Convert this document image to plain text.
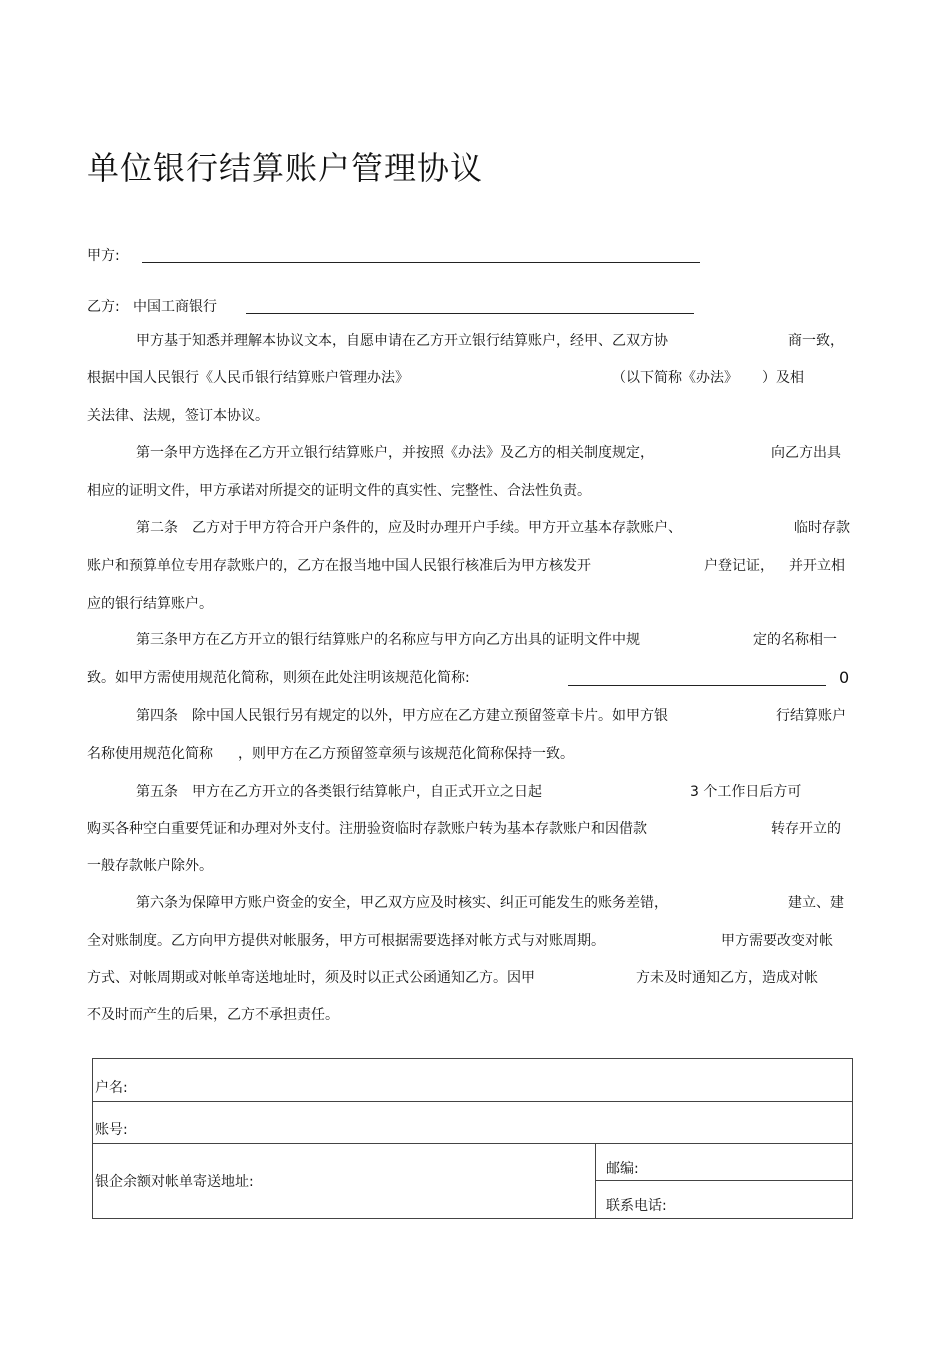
单位银行结算账户管理协议
甲方:
乙方: 中国工商银行
甲方基于知悉并理解本协议文本，自愿申请在乙方开立银行结算账户，经甲、乙双方协	商一致，
根据中国人民银行《人民币银行结算账户管理办法》	（以下简称《办法》 ）及相
关法律、法规，签订本协议。
第一条甲方选择在乙方开立银行结算账户，并按照《办法》及乙方的相关制度规定，	向乙方出具
相应的证明文件，甲方承诺对所提交的证明文件的真实性、完整性、合法性负责。
第二条　乙方对于甲方符合开户条件的，应及时办理开户手续。甲方开立基本存款账户、	临时存款
账户和预算单位专用存款账户的，乙方在报当地中国人民银行核准后为甲方核发开	户登记证， 并开立相
应的银行结算账户。
第三条甲方在乙方开立的银行结算账户的名称应与甲方向乙方出具的证明文件中规	定的名称相一
致。如甲方需使用规范化简称，则须在此处注明该规范化简称:	0
第四条　除中国人民银行另有规定的以外，甲方应在乙方建立预留签章卡片。如甲方银	行结算账户
名称使用规范化简称 ，则甲方在乙方预留签章须与该规范化简称保持一致。
第五条　甲方在乙方开立的各类银行结算帐户，自正式开立之日起	3 个工作日后方可
购买各种空白重要凭证和办理对外支付。注册验资临时存款账户转为基本存款账户和因借款	转存开立的
一般存款帐户除外。
第六条为保障甲方账户资金的安全，甲乙双方应及时核实、纠正可能发生的账务差错，	建立、建
全对账制度。乙方向甲方提供对帐服务，甲方可根据需要选择对帐方式与对账周期。	甲方需要改变对帐
方式、对帐周期或对帐单寄送地址时，须及时以正式公函通知乙方。因甲	方未及时通知乙方，造成对帐
不及时而产生的后果，乙方不承担责任。
户名:
账号:
银企余额对帐单寄送地址:	
邮编:
联系电话:
